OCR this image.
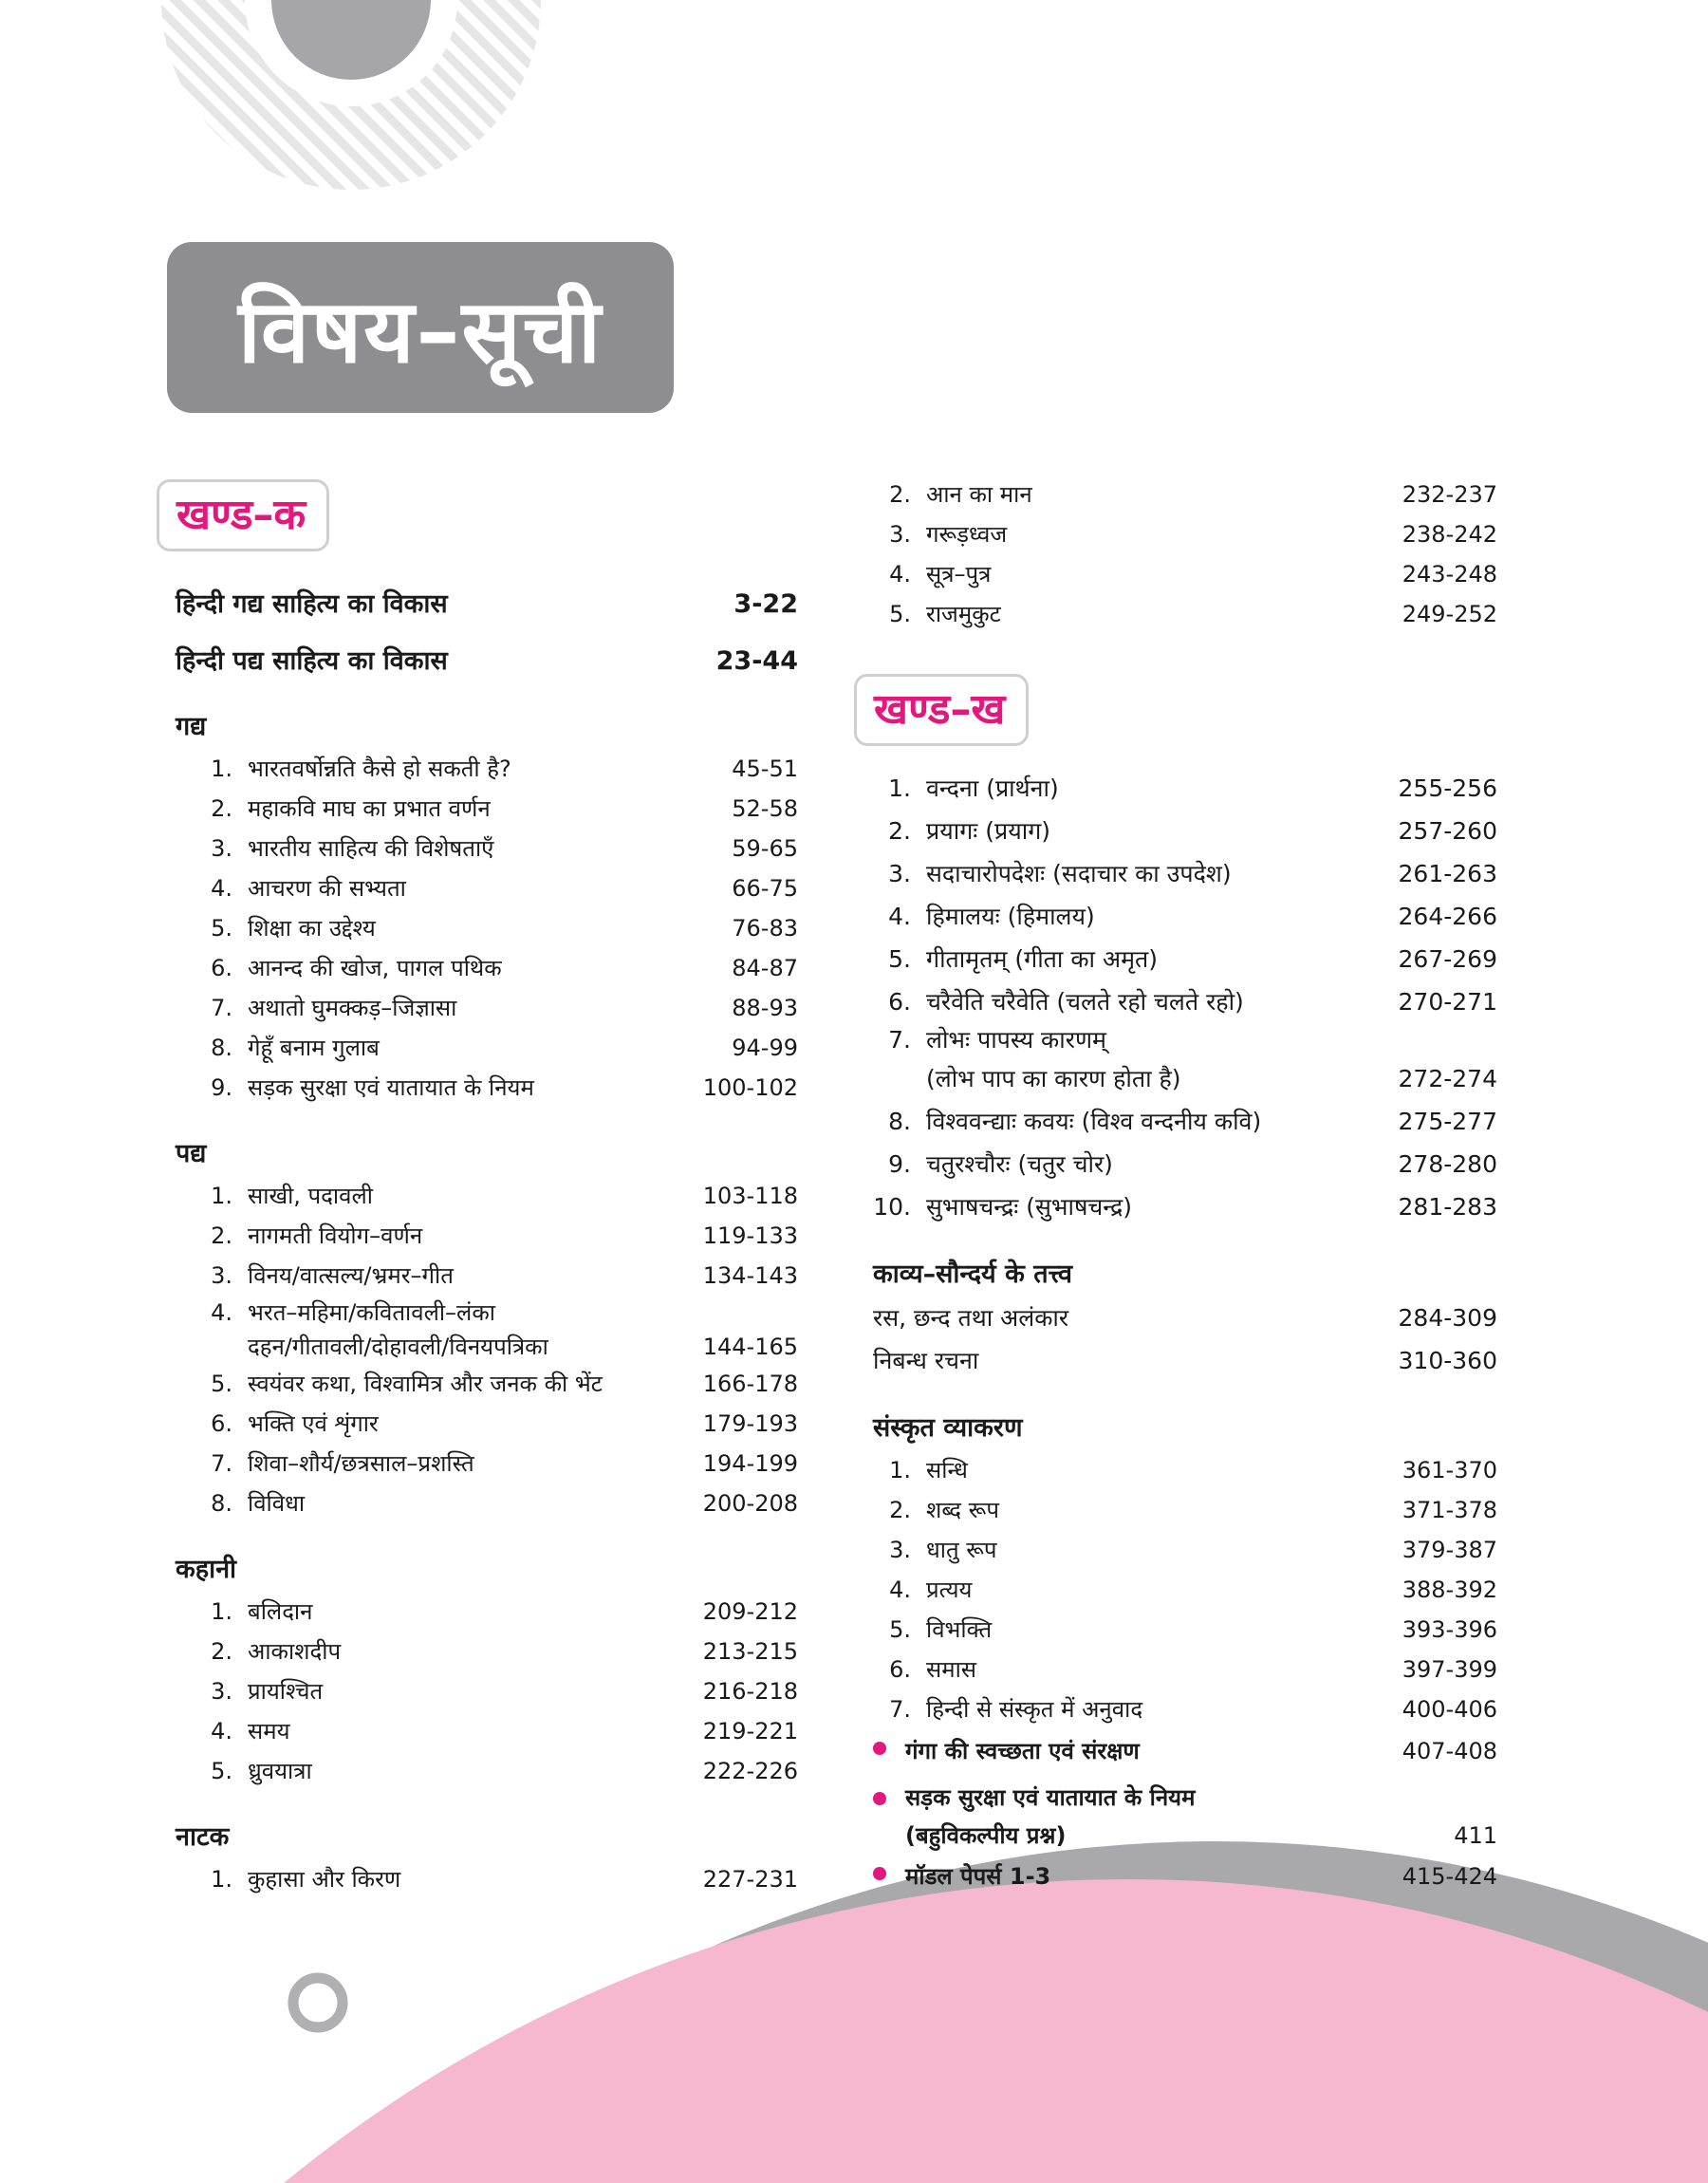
विषय–सूची
खण्ड–क
हिन्दी गद्य साहित्य का विकास	3-22
हिन्दी पद्य साहित्य का विकास	23-44
गद्य
1. भारतवर्षोन्नति कैसे हो सकती है?	45-51
2. महाकवि माघ का प्रभात वर्णन	52-58
3. भारतीय साहित्य की विशेषताएँ	59-65
4. आचरण की सभ्यता	66-75
5. शिक्षा का उद्देश्य	76-83
6. आनन्द की खोज, पागल पथिक	84-87
7. अथातो घुमक्कड़–जिज्ञासा	88-93
8. गेहूँ बनाम गुलाब	94-99
9. सड़क सुरक्षा एवं यातायात के नियम	100-102
पद्य
1. साखी, पदावली	103-118
2. नागमती वियोग–वर्णन	119-133
3. विनय/वात्सल्य/भ्रमर–गीत	134-143
4. भरत–महिमा/कवितावली–लंका
दहन/गीतावली/दोहावली/विनयपत्रिका	144-165
5. स्वयंवर कथा, विश्वामित्र और जनक की भेंट	166-178
6. भक्ति एवं शृंगार	179-193
7. शिवा–शौर्य/छत्रसाल–प्रशस्ति	194-199
8. विविधा	200-208
कहानी
1. बलिदान	209-212
2. आकाशदीप	213-215
3. प्रायश्चित	216-218
4. समय	219-221
5. ध्रुवयात्रा	222-226
नाटक
1. कुहासा और किरण	227-231
2. आन का मान	232-237
3. गरूड़ध्वज	238-242
4. सूत्र–पुत्र	243-248
5. राजमुकुट	249-252
खण्ड–ख
1. वन्दना (प्रार्थना)	255-256
2. प्रयागः (प्रयाग)	257-260
3. सदाचारोपदेशः (सदाचार का उपदेश)	261-263
4. हिमालयः (हिमालय)	264-266
5. गीतामृतम् (गीता का अमृत)	267-269
6. चरैवेति चरैवेति (चलते रहो चलते रहो)	270-271
7. लोभः पापस्य कारणम्
(लोभ पाप का कारण होता है)	272-274
8. विश्ववन्द्याः कवयः (विश्व वन्दनीय कवि)	275-277
9. चतुरश्चौरः (चतुर चोर)	278-280
10. सुभाषचन्द्रः (सुभाषचन्द्र)	281-283
काव्य–सौन्दर्य के तत्त्व
रस, छन्द तथा अलंकार	284-309
निबन्ध रचना	310-360
संस्कृत व्याकरण
1. सन्धि	361-370
2. शब्द रूप	371-378
3. धातु रूप	379-387
4. प्रत्यय	388-392
5. विभक्ति	393-396
6. समास	397-399
7. हिन्दी से संस्कृत में अनुवाद	400-406
गंगा की स्वच्छता एवं संरक्षण	407-408
सड़क सुरक्षा एवं यातायात के नियम
(बहुविकल्पीय प्रश्न)	411
मॉडल पेपर्स 1-3	415-424
